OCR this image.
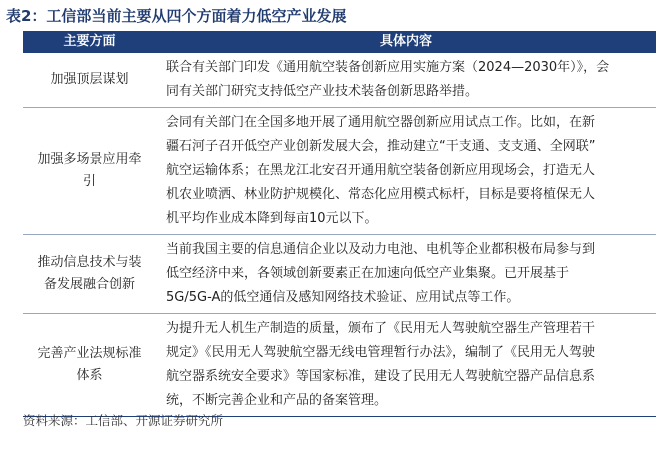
表2：工信部当前主要从四个方面着力低空产业发展
主要方面	具体内容

加强顶层谋划	联合有关部门印发《通用航空装备创新应用实施方案（2024—2030年）》，会
同有关部门研究支持低空产业技术装备创新思路举措。

加强多场景应用牵
引	会同有关部门在全国多地开展了通用航空器创新应用试点工作。比如，在新
疆石河子召开低空产业创新发展大会，推动建立“干支通、支支通、全网联”
航空运输体系；在黑龙江北安召开通用航空装备创新应用现场会，打造无人
机农业喷洒、林业防护规模化、常态化应用模式标杆，目标是要将植保无人
机平均作业成本降到每亩10元以下。

推动信息技术与装
备发展融合创新	当前我国主要的信息通信企业以及动力电池、电机等企业都积极布局参与到
低空经济中来，各领域创新要素正在加速向低空产业集聚。已开展基于
5G/5G-A的低空通信及感知网络技术验证、应用试点等工作。

完善产业法规标准
体系	为提升无人机生产制造的质量，颁布了《民用无人驾驶航空器生产管理若干
规定》《民用无人驾驶航空器无线电管理暂行办法》，编制了《民用无人驾驶
航空器系统安全要求》等国家标准，建设了民用无人驾驶航空器产品信息系
统，不断完善企业和产品的备案管理。
资料来源：工信部、开源证券研究所
